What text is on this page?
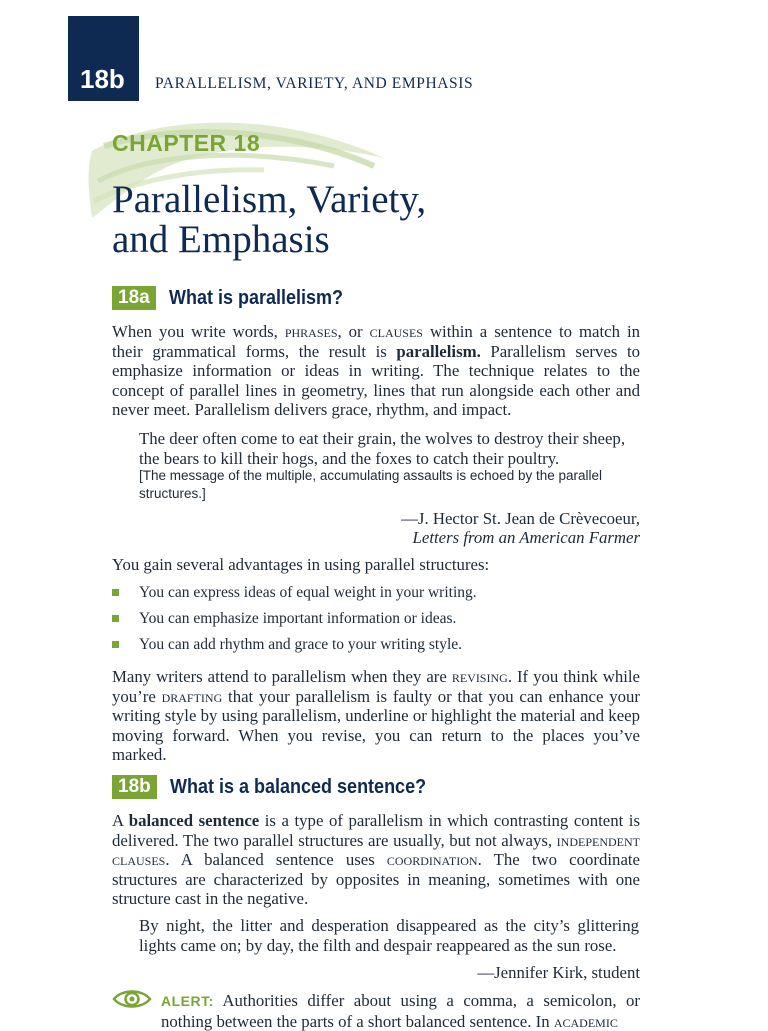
18b PARALLELISM, VARIETY, AND EMPHASIS
CHAPTER 18
Parallelism, Variety,
and Emphasis
18a What is parallelism?

When you write words, phrases, or clauses within a sentence to match in their grammatical forms, the result is parallelism. Parallelism serves to emphasize information or ideas in writing. The technique relates to the concept of parallel lines in geometry, lines that run alongside each other and never meet. Parallelism delivers grace, rhythm, and impact.

The deer often come to eat their grain, the wolves to destroy their sheep, the bears to kill their hogs, and the foxes to catch their poultry.

[The message of the multiple, accumulating assaults is echoed by the parallel structures.]

—J. Hector St. Jean de Crèvecoeur,
Letters from an American Farmer

You gain several advantages in using parallel structures:

You can express ideas of equal weight in your writing.
You can emphasize important information or ideas.
You can add rhythm and grace to your writing style.

Many writers attend to parallelism when they are revising. If you think while you’re drafting that your parallelism is faulty or that you can enhance your writing style by using parallelism, underline or highlight the material and keep moving forward. When you revise, you can return to the places you’ve marked.

18b What is a balanced sentence?

A balanced sentence is a type of parallelism in which contrasting content is delivered. The two parallel structures are usually, but not always, independent clauses. A balanced sentence uses coordination. The two coordinate structures are characterized by opposites in meaning, sometimes with one structure cast in the negative.

By night, the litter and desperation disappeared as the city’s glittering lights came on; by day, the filth and despair reappeared as the sun rose.

—Jennifer Kirk, student

ALERT: Authorities differ about using a comma, a semicolon, or nothing between the parts of a short balanced sentence. In academic
